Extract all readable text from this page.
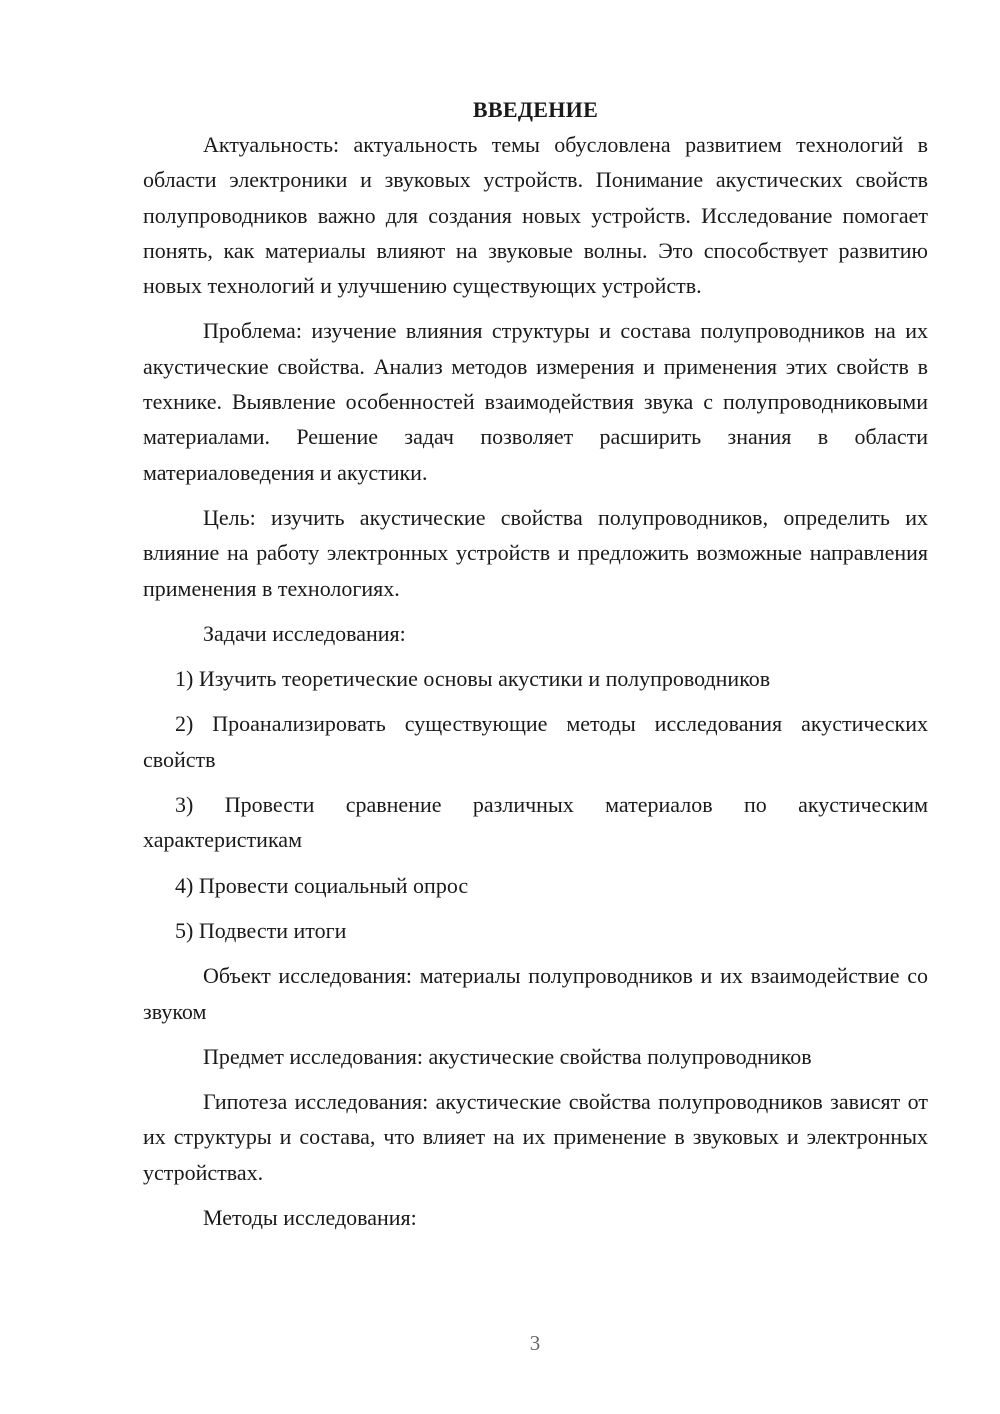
ВВЕДЕНИЕ

Актуальность: актуальность темы обусловлена развитием технологий в области электроники и звуковых устройств. Понимание акустических свойств полупроводников важно для создания новых устройств. Исследование помогает понять, как материалы влияют на звуковые волны. Это способствует развитию новых технологий и улучшению существующих устройств.

Проблема: изучение влияния структуры и состава полупроводников на их акустические свойства. Анализ методов измерения и применения этих свойств в технике. Выявление особенностей взаимодействия звука с полупроводниковыми материалами. Решение задач позволяет расширить знания в области материаловедения и акустики.

Цель: изучить акустические свойства полупроводников, определить их влияние на работу электронных устройств и предложить возможные направления применения в технологиях.

Задачи исследования:

1) Изучить теоретические основы акустики и полупроводников

2) Проанализировать существующие методы исследования акустических свойств

3) Провести сравнение различных материалов по акустическим характеристикам

4) Провести социальный опрос

5) Подвести итоги

Объект исследования: материалы полупроводников и их взаимодействие со звуком

Предмет исследования: акустические свойства полупроводников

Гипотеза исследования: акустические свойства полупроводников зависят от их структуры и состава, что влияет на их применение в звуковых и электронных устройствах.

Методы исследования:

3
